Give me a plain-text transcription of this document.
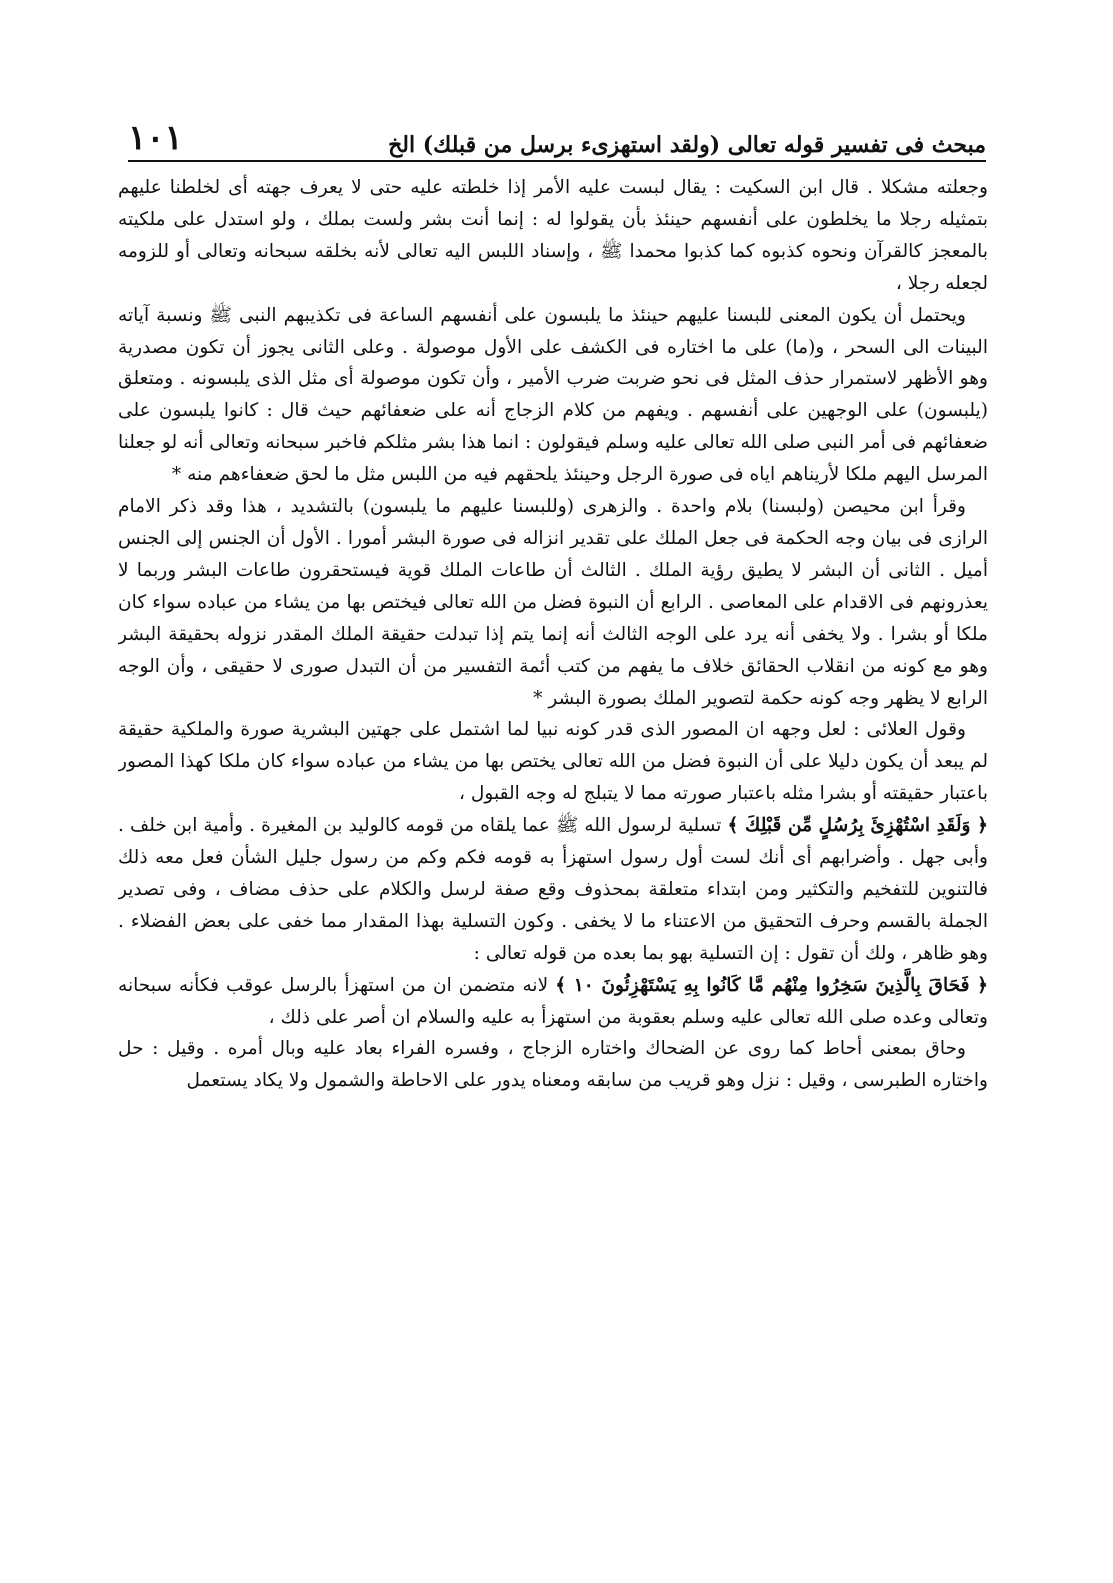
مبحث فى تفسير قوله تعالى (ولقد استهزىء برسل من قبلك) الخ
١٠١

وجعلته مشكلا . قال ابن السكيت : يقال لبست عليه الأمر إذا خلطته عليه حتى لا يعرف جهته أى لخلطنا عليهم بتمثيله رجلا ما يخلطون على أنفسهم حينئذ بأن يقولوا له : إنما أنت بشر ولست بملك ، ولو استدل على ملكيته بالمعجز كالقرآن ونحوه كذبوه كما كذبوا محمدا ﷺ ، وإسناد اللبس اليه تعالى لأنه بخلقه سبحانه وتعالى أو للزومه لجعله رجلا ،

ويحتمل أن يكون المعنى للبسنا عليهم حينئذ ما يلبسون على أنفسهم الساعة فى تكذيبهم النبى ﷺ ونسبة آياته البينات الى السحر ، و(ما) على ما اختاره فى الكشف على الأول موصولة . وعلى الثانى يجوز أن تكون مصدرية وهو الأظهر لاستمرار حذف المثل فى نحو ضربت ضرب الأمير ، وأن تكون موصولة أى مثل الذى يلبسونه . ومتعلق (يلبسون) على الوجهين على أنفسهم . ويفهم من كلام الزجاج أنه على ضعفائهم حيث قال : كانوا يلبسون على ضعفائهم فى أمر النبى صلى الله تعالى عليه وسلم فيقولون : انما هذا بشر مثلكم فاخبر سبحانه وتعالى أنه لو جعلنا المرسل اليهم ملكا لأريناهم اياه فى صورة الرجل وحينئذ يلحقهم فيه من اللبس مثل ما لحق ضعفاءهم منه *

وقرأ ابن محيصن (ولبسنا) بلام واحدة . والزهرى (وللبسنا عليهم ما يلبسون) بالتشديد ، هذا وقد ذكر الامام الرازى فى بيان وجه الحكمة فى جعل الملك على تقدير انزاله فى صورة البشر أمورا . الأول أن الجنس إلى الجنس أميل . الثانى أن البشر لا يطيق رؤية الملك . الثالث أن طاعات الملك قوية فيستحقرون طاعات البشر وربما لا يعذرونهم فى الاقدام على المعاصى . الرابع أن النبوة فضل من الله تعالى فيختص بها من يشاء من عباده سواء كان ملكا أو بشرا . ولا يخفى أنه يرد على الوجه الثالث أنه إنما يتم إذا تبدلت حقيقة الملك المقدر نزوله بحقيقة البشر وهو مع كونه من انقلاب الحقائق خلاف ما يفهم من كتب أئمة التفسير من أن التبدل صورى لا حقيقى ، وأن الوجه الرابع لا يظهر وجه كونه حكمة لتصوير الملك بصورة البشر *

وقول العلائى : لعل وجهه ان المصور الذى قدر كونه نبيا لما اشتمل على جهتين البشرية صورة والملكية حقيقة لم يبعد أن يكون دليلا على أن النبوة فضل من الله تعالى يختص بها من يشاء من عباده سواء كان ملكا كهذا المصور باعتبار حقيقته أو بشرا مثله باعتبار صورته مما لا يتبلج له وجه القبول ،

﴿ وَلَقَدِ اسْتُهْزِئَ بِرُسُلٍ مِّن قَبْلِكَ ﴾ تسلية لرسول الله ﷺ عما يلقاه من قومه كالوليد بن المغيرة . وأمية ابن خلف . وأبى جهل . وأضرابهم أى أنك لست أول رسول استهزأ به قومه فكم وكم من رسول جليل الشأن فعل معه ذلك فالتنوين للتفخيم والتكثير ومن ابتداء متعلقة بمحذوف وقع صفة لرسل والكلام على حذف مضاف ، وفى تصدير الجملة بالقسم وحرف التحقيق من الاعتناء ما لا يخفى . وكون التسلية بهذا المقدار مما خفى على بعض الفضلاء . وهو ظاهر ، ولك أن تقول : إن التسلية بهو بما بعده من قوله تعالى :

﴿ فَحَاقَ بِالَّذِينَ سَخِرُوا مِنْهُم مَّا كَانُوا بِهِ يَسْتَهْزِئُونَ ١٠ ﴾ لانه متضمن ان من استهزأ بالرسل عوقب فكأنه سبحانه وتعالى وعده صلى الله تعالى عليه وسلم بعقوبة من استهزأ به عليه والسلام ان أصر على ذلك ،

وحاق بمعنى أحاط كما روى عن الضحاك واختاره الزجاج ، وفسره الفراء بعاد عليه وبال أمره . وقيل : حل واختاره الطبرسى ، وقيل : نزل وهو قريب من سابقه ومعناه يدور على الاحاطة والشمول ولا يكاد يستعمل
